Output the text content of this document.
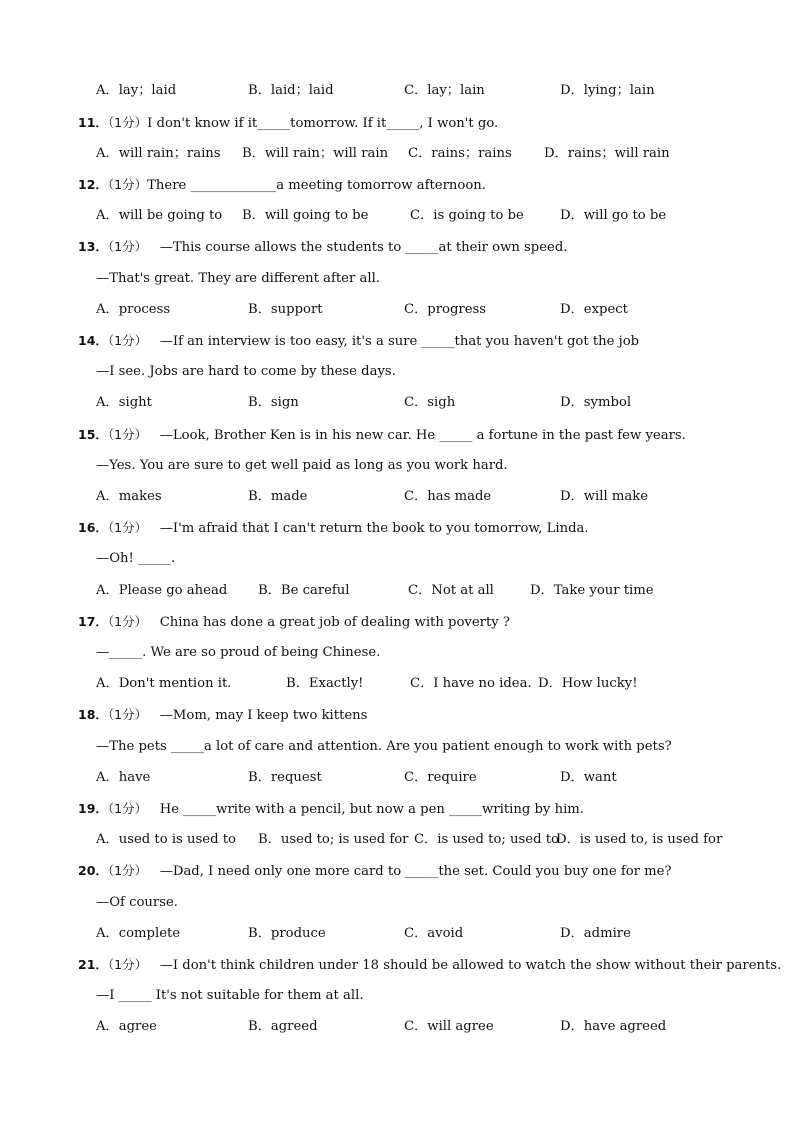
A．lay；laid	B．laid；laid	C．lay；lain	D．lying；lain
11．（1分）I don't know if it_____tomorrow. If it_____, I won't go.
A．will rain；rains B．will rain；will rain C．rains；rains D．rains；will rain
12．（1分）There _____________a meeting tomorrow afternoon.
A．will be going to B．will going to be	C．is going to be	D．will go to be
13．（1分） —This course allows the students to _____at their own speed.
—That's great. They are different after all.
A．process	B．support	C．progress	D．expect
14．（1分） —If an interview is too easy, it's a sure _____that you haven't got the job
—I see. Jobs are hard to come by these days.
A．sight	B．sign	C．sigh	D．symbol
15．（1分） —Look, Brother Ken is in his new car. He _____ a fortune in the past few years.
—Yes. You are sure to get well paid as long as you work hard.
A．makes	B．made	C．has made	D．will make
16．（1分） —I'm afraid that I can't return the book to you tomorrow, Linda.
—Oh! _____.
A．Please go ahead B．Be careful	C．Not at all	D．Take your time
17．（1分） China has done a great job of dealing with poverty ?
—_____. We are so proud of being Chinese.
A．Don't mention it.	B．Exactly!	C．I have no idea. D．How lucky!
18．（1分） —Mom, may I keep two kittens
—The pets _____a lot of care and attention. Are you patient enough to work with pets?
A．have	B．request	C．require	D．want
19．（1分） He _____write with a pencil, but now a pen _____writing by him.
A．used to is used to B．used to; is used for C．is used to; used to
D．is used to, is used for
20．（1分） —Dad, I need only one more card to _____the set. Could you buy one for me?
—Of course.
A．complete	B．produce	C．avoid	D．admire
21．（1分） —I don't think children under 18 should be allowed to watch the show without their parents.
—I _____ It's not suitable for them at all.
A．agree	B．agreed	C．will agree	D．have agreed
